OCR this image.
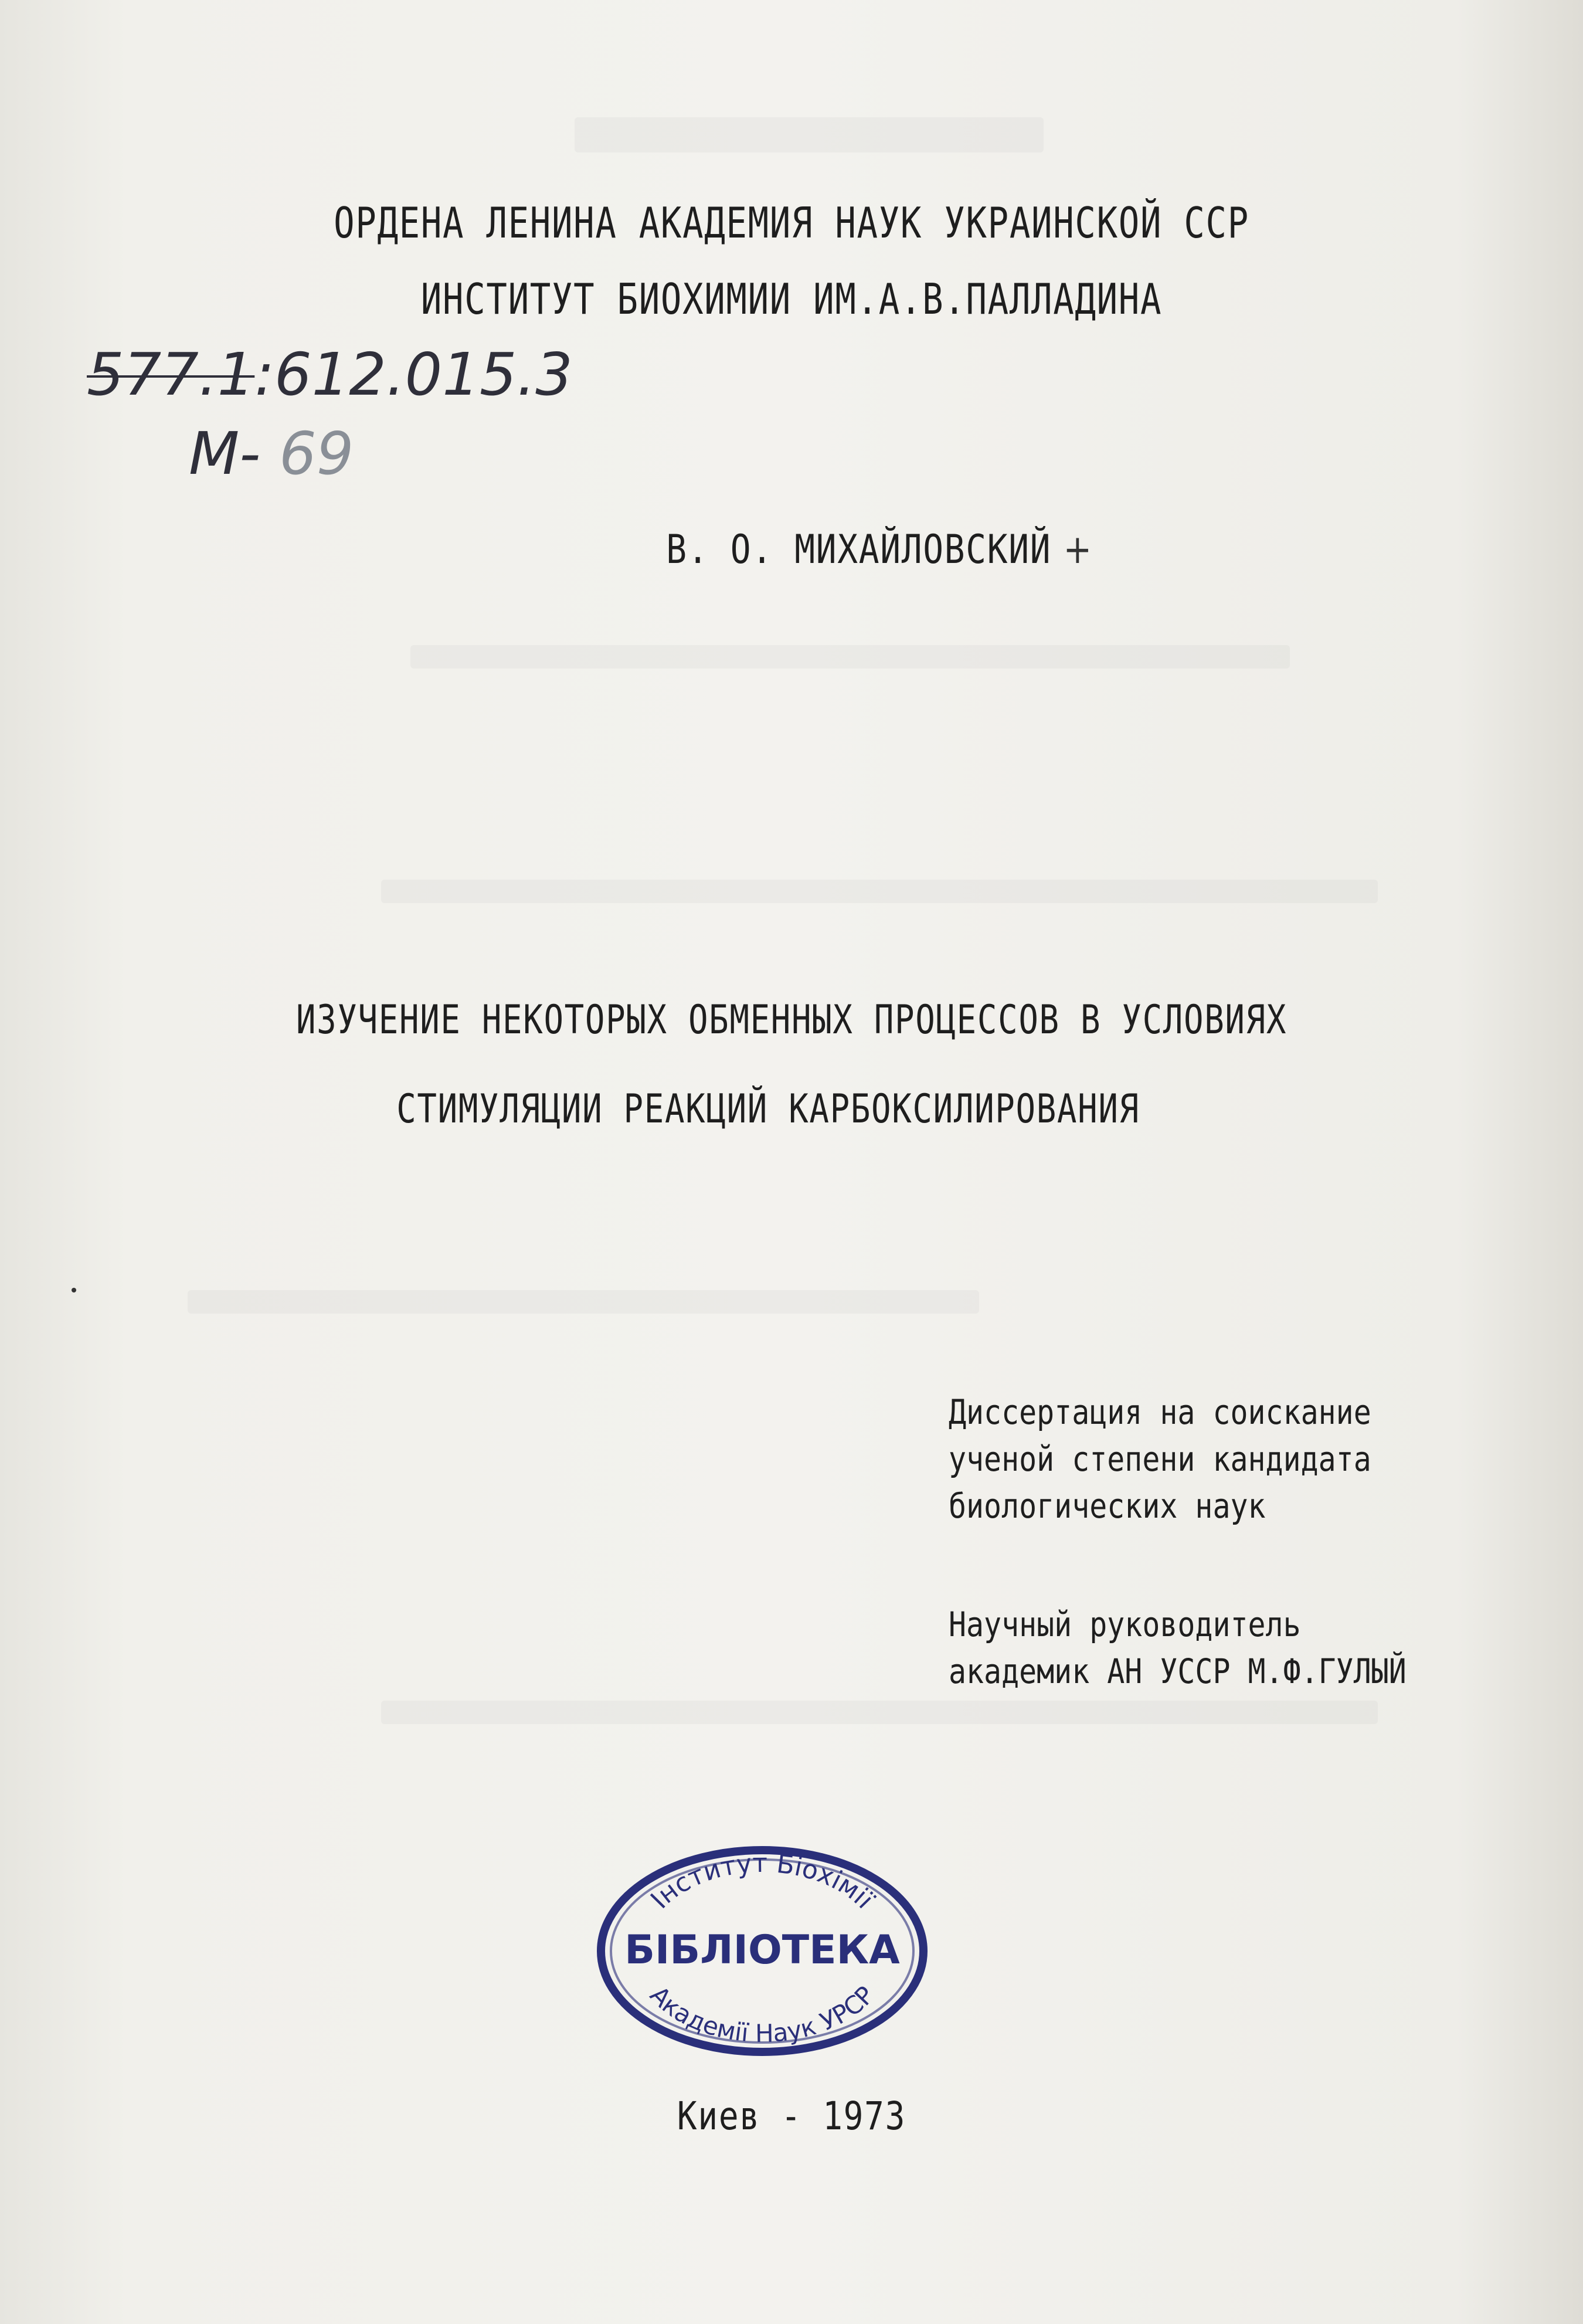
ОРДЕНА ЛЕНИНА АКАДЕМИЯ НАУК УКРАИНСКОЙ ССР
ИНСТИТУТ БИОХИМИИ ИМ.А.В.ПАЛЛАДИНА
577.1:612.015.3
М- 69
В. О. МИХАЙЛОВСКИЙ +
ИЗУЧЕНИЕ НЕКОТОРЫХ ОБМЕННЫХ ПРОЦЕССОВ В УСЛОВИЯХ
СТИМУЛЯЦИИ РЕАКЦИЙ КАРБОКСИЛИРОВАНИЯ
Диссертация на соискание
ученой степени кандидата
биологических наук
Научный руководитель
академик АН УССР М.Ф.ГУЛЫЙ
Інститут Біохімії
БІБЛІОТЕКА
Академії Наук УРСР
Киев - 1973
